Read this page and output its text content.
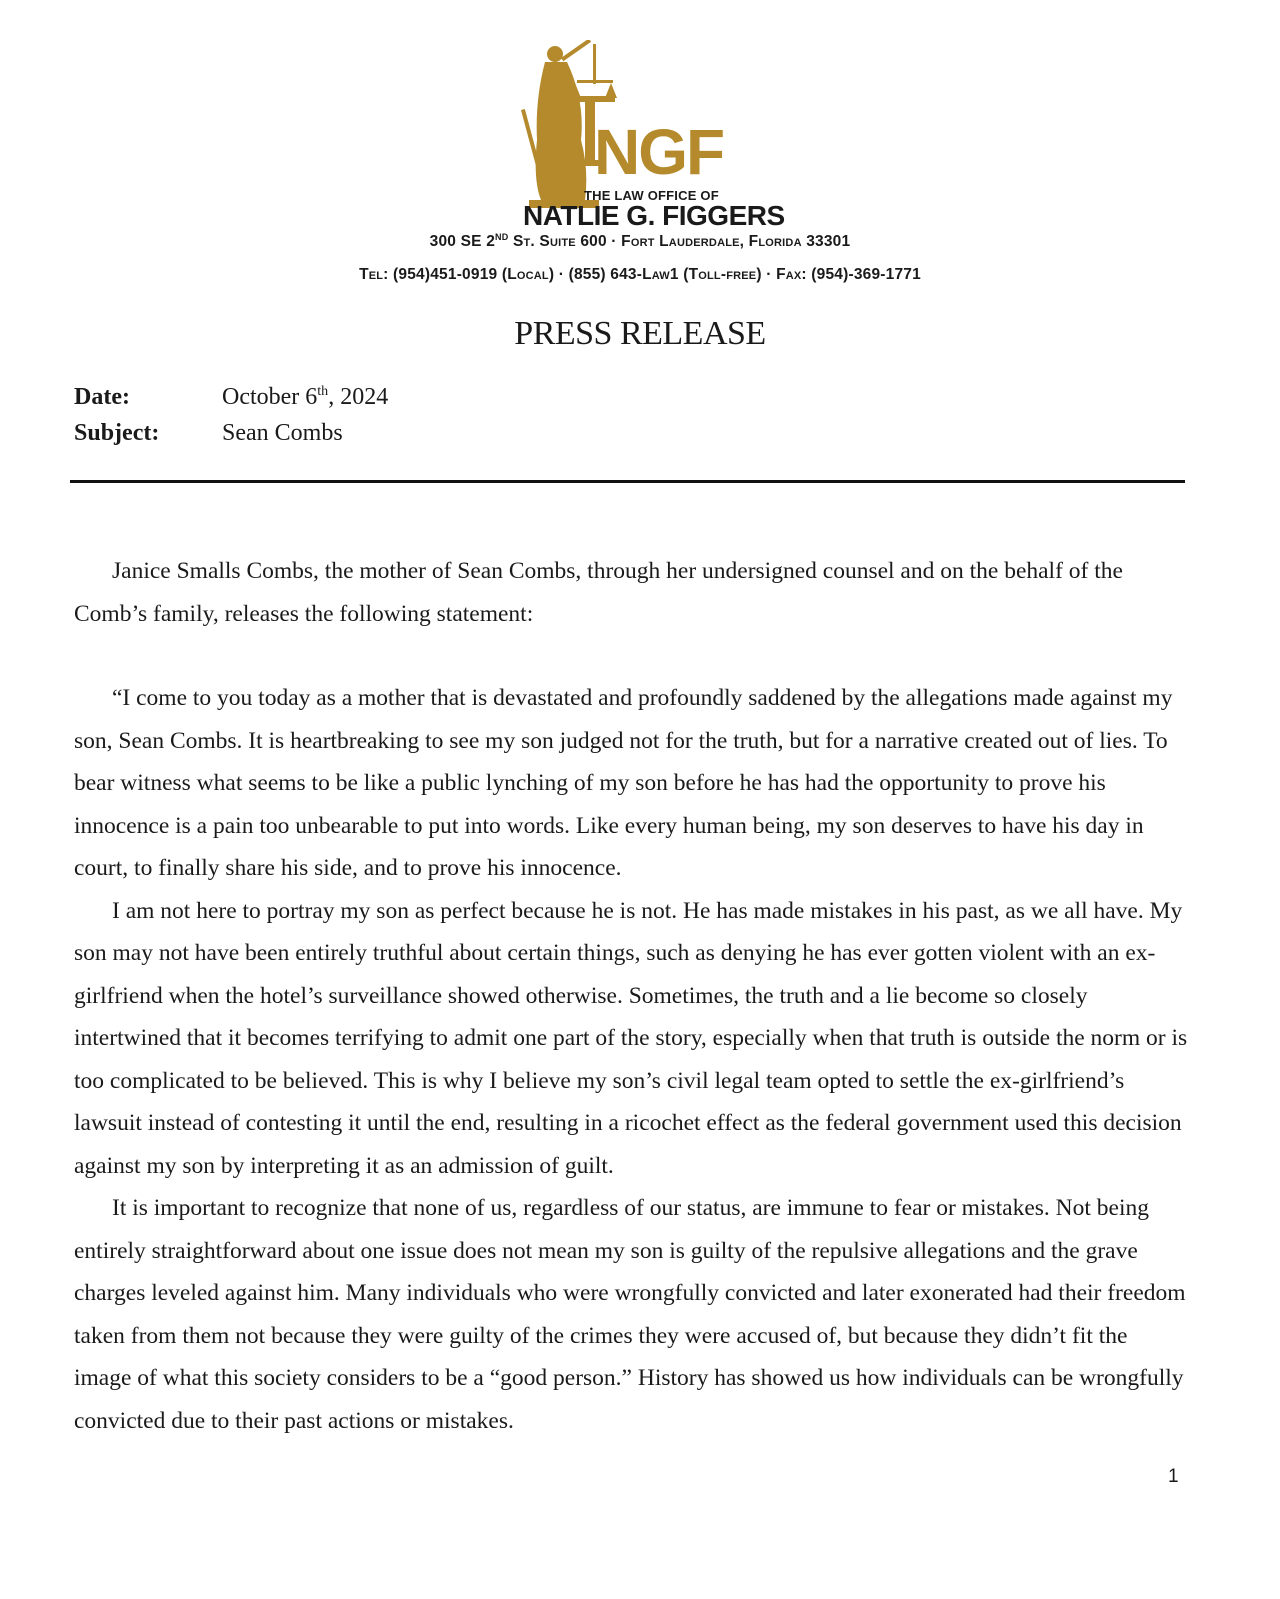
NGF
THE LAW OFFICE OF
NATLIE G. FIGGERS
300 SE 2ND St. Suite 600 · Fort Lauderdale, Florida 33301
Tel: (954)451-0919 (Local) · (855) 643-Law1 (Toll-free) · Fax: (954)-369-1771
PRESS RELEASE
Date:	October 6th, 2024
Subject:	Sean Combs

Janice Smalls Combs, the mother of Sean Combs, through her undersigned counsel and on the behalf of the Comb’s family, releases the following statement:

“I come to you today as a mother that is devastated and profoundly saddened by the allegations made against my son, Sean Combs. It is heartbreaking to see my son judged not for the truth, but for a narrative created out of lies. To bear witness what seems to be like a public lynching of my son before he has had the opportunity to prove his innocence is a pain too unbearable to put into words. Like every human being, my son deserves to have his day in court, to finally share his side, and to prove his innocence.

I am not here to portray my son as perfect because he is not. He has made mistakes in his past, as we all have. My son may not have been entirely truthful about certain things, such as denying he has ever gotten violent with an ex-girlfriend when the hotel’s surveillance showed otherwise. Sometimes, the truth and a lie become so closely intertwined that it becomes terrifying to admit one part of the story, especially when that truth is outside the norm or is too complicated to be believed. This is why I believe my son’s civil legal team opted to settle the ex-girlfriend’s lawsuit instead of contesting it until the end, resulting in a ricochet effect as the federal government used this decision against my son by interpreting it as an admission of guilt.

It is important to recognize that none of us, regardless of our status, are immune to fear or mistakes. Not being entirely straightforward about one issue does not mean my son is guilty of the repulsive allegations and the grave charges leveled against him. Many individuals who were wrongfully convicted and later exonerated had their freedom taken from them not because they were guilty of the crimes they were accused of, but because they didn’t fit the image of what this society considers to be a “good person.” History has showed us how individuals can be wrongfully convicted due to their past actions or mistakes.

1
